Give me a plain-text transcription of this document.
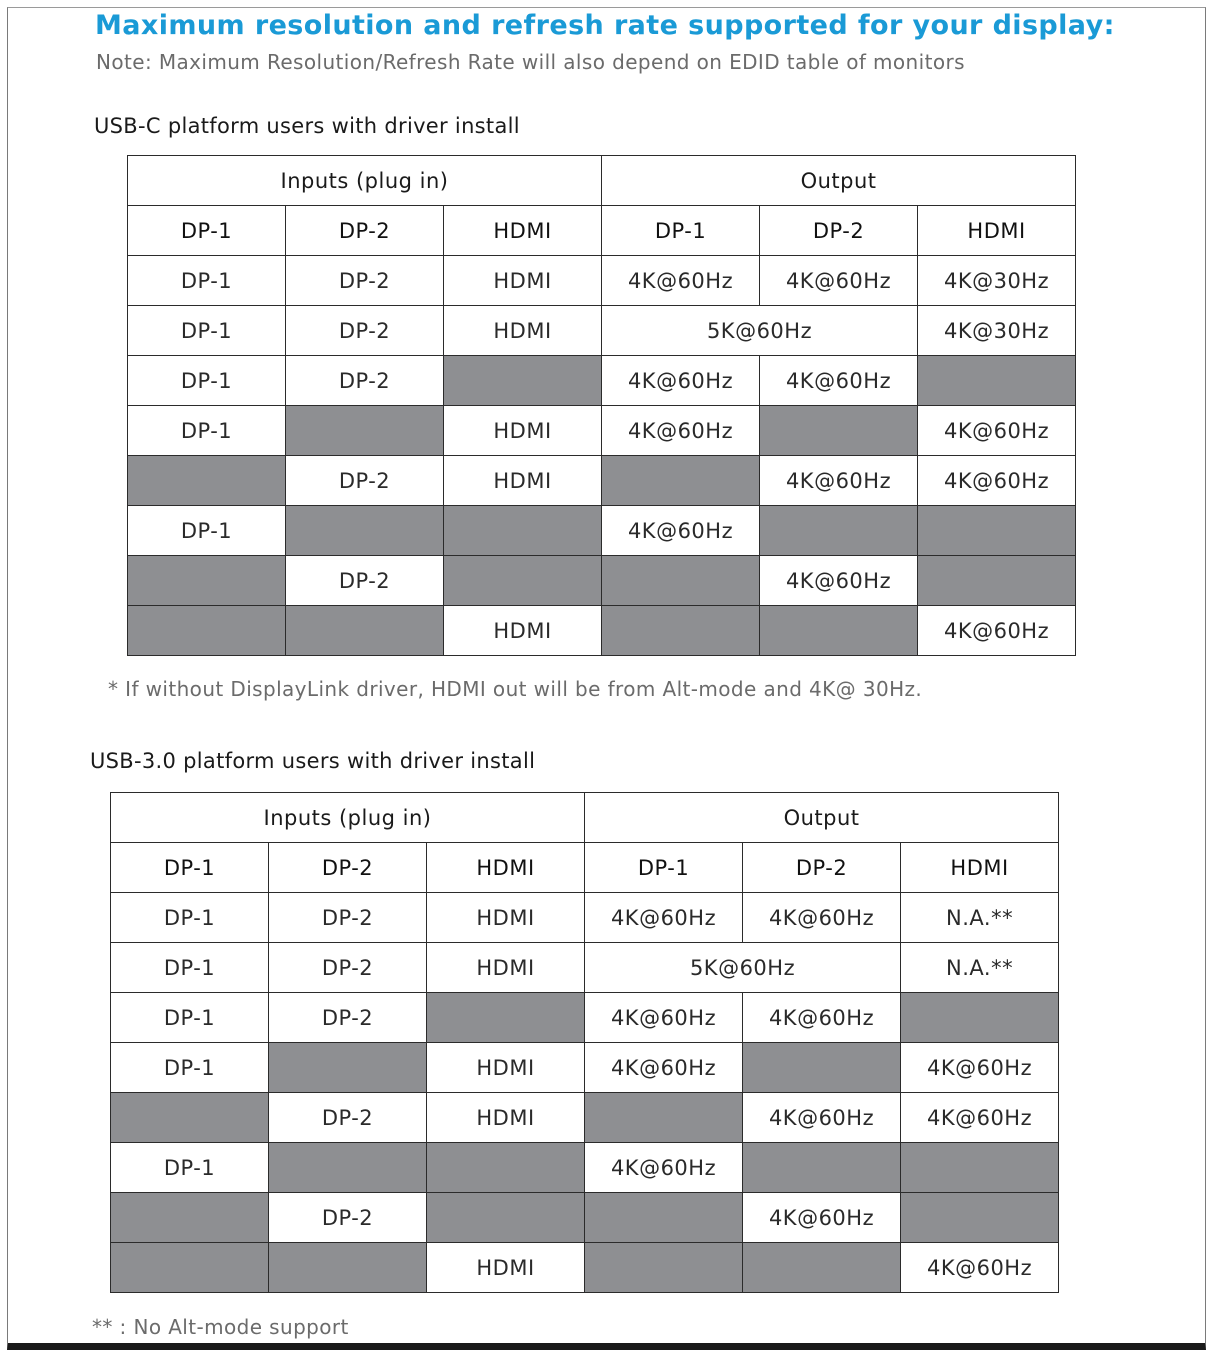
Maximum resolution and refresh rate supported for your display:
Note: Maximum Resolution/Refresh Rate will also depend on EDID table of monitors
USB-C platform users with driver install
Inputs (plug in)			Output		
DP-1	DP-2	HDMI	DP-1	DP-2	HDMI
DP-1	DP-2	HDMI	4K@60Hz	4K@60Hz	4K@30Hz
DP-1	DP-2	HDMI	5K@60Hz		4K@30Hz
DP-1	DP-2		4K@60Hz	4K@60Hz	
DP-1		HDMI	4K@60Hz		4K@60Hz
	DP-2	HDMI		4K@60Hz	4K@60Hz
DP-1			4K@60Hz		
	DP-2			4K@60Hz	
		HDMI			4K@60Hz
* If without DisplayLink driver, HDMI out will be from Alt-mode and 4K@ 30Hz.
USB-3.0 platform users with driver install
Inputs (plug in)			Output		
DP-1	DP-2	HDMI	DP-1	DP-2	HDMI
DP-1	DP-2	HDMI	4K@60Hz	4K@60Hz	N.A.**
DP-1	DP-2	HDMI	5K@60Hz		N.A.**
DP-1	DP-2		4K@60Hz	4K@60Hz	
DP-1		HDMI	4K@60Hz		4K@60Hz
	DP-2	HDMI		4K@60Hz	4K@60Hz
DP-1			4K@60Hz		
	DP-2			4K@60Hz	
		HDMI			4K@60Hz
** : No Alt-mode support
